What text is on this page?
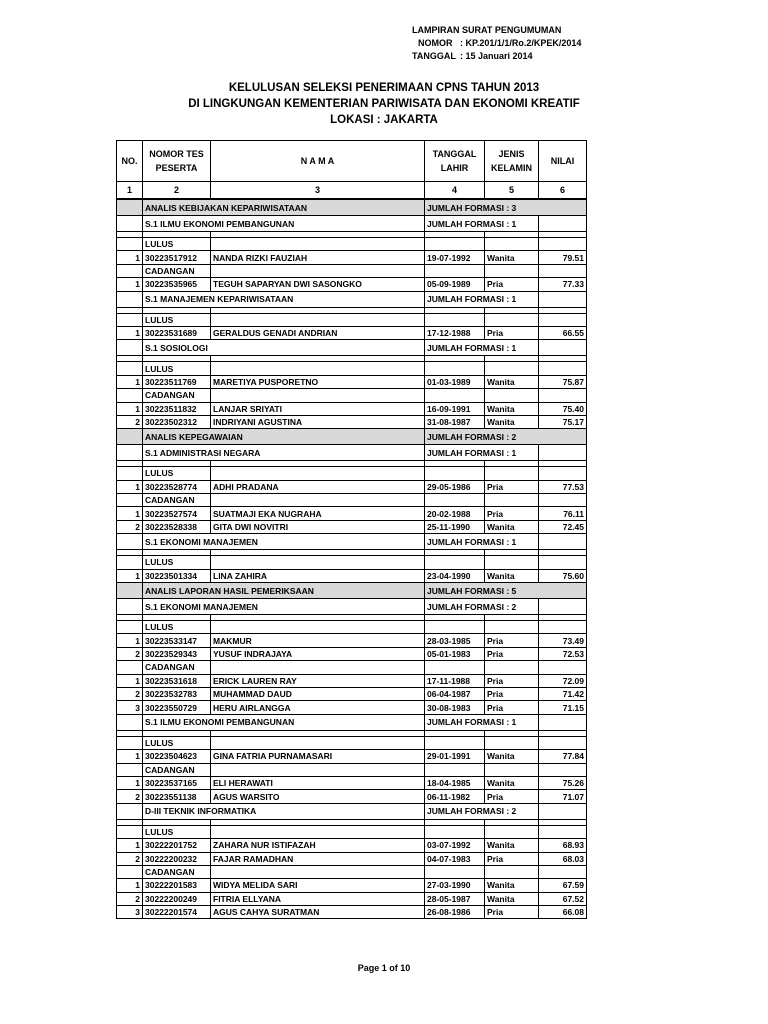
LAMPIRAN SURAT PENGUMUMAN
NOMOR : KP.201/1/1/Ro.2/KPEK/2014
TANGGAL : 15 Januari 2014
KELULUSAN SELEKSI PENERIMAAN CPNS TAHUN 2013
DI LINGKUNGAN KEMENTERIAN PARIWISATA DAN EKONOMI KREATIF
LOKASI : JAKARTA
NO.	NOMOR TES PESERTA	N A M A	TANGGAL LAHIR	JENIS KELAMIN	NILAI
1	2	3	4	5	6
	ANALIS KEBIJAKAN KEPARIWISATAAN		JUMLAH FORMASI : 3		
	S.1 ILMU EKONOMI PEMBANGUNAN		JUMLAH FORMASI : 1		

	LULUS				
1	30223517912	NANDA RIZKI FAUZIAH	19-07-1992	Wanita	79.51
	CADANGAN				
1	30223535965	TEGUH SAPARYAN DWI SASONGKO	05-09-1989	Pria	77.33
	S.1 MANAJEMEN KEPARIWISATAAN		JUMLAH FORMASI : 1		

	LULUS				
1	30223531689	GERALDUS GENADI ANDRIAN	17-12-1988	Pria	66.55
	S.1 SOSIOLOGI		JUMLAH FORMASI : 1		

	LULUS				
1	30223511769	MARETIYA PUSPORETNO	01-03-1989	Wanita	75.87
	CADANGAN				
1	30223511832	LANJAR SRIYATI	16-09-1991	Wanita	75.40
2	30223502312	INDRIYANI AGUSTINA	31-08-1987	Wanita	75.17
	ANALIS KEPEGAWAIAN		JUMLAH FORMASI : 2		
	S.1 ADMINISTRASI NEGARA		JUMLAH FORMASI : 1		

	LULUS				
1	30223528774	ADHI PRADANA	29-05-1986	Pria	77.53
	CADANGAN				
1	30223527574	SUATMAJI EKA NUGRAHA	20-02-1988	Pria	76.11
2	30223528338	GITA DWI NOVITRI	25-11-1990	Wanita	72.45
	S.1 EKONOMI MANAJEMEN		JUMLAH FORMASI : 1		

	LULUS				
1	30223501334	LINA ZAHIRA	23-04-1990	Wanita	75.60
	ANALIS LAPORAN HASIL PEMERIKSAAN		JUMLAH FORMASI : 5		
	S.1 EKONOMI MANAJEMEN		JUMLAH FORMASI : 2		

	LULUS				
1	30223533147	MAKMUR	28-03-1985	Pria	73.49
2	30223529343	YUSUF INDRAJAYA	05-01-1983	Pria	72.53
	CADANGAN				
1	30223531618	ERICK LAUREN RAY	17-11-1988	Pria	72.09
2	30223532783	MUHAMMAD DAUD	06-04-1987	Pria	71.42
3	30223550729	HERU AIRLANGGA	30-08-1983	Pria	71.15
	S.1 ILMU EKONOMI PEMBANGUNAN		JUMLAH FORMASI : 1		

	LULUS				
1	30223504623	GINA FATRIA PURNAMASARI	29-01-1991	Wanita	77.84
	CADANGAN				
1	30223537165	ELI HERAWATI	18-04-1985	Wanita	75.26
2	30223551138	AGUS WARSITO	06-11-1982	Pria	71.07
	D-III TEKNIK INFORMATIKA		JUMLAH FORMASI : 2		

	LULUS				
1	30222201752	ZAHARA NUR ISTIFAZAH	03-07-1992	Wanita	68.93
2	30222200232	FAJAR RAMADHAN	04-07-1983	Pria	68.03
	CADANGAN				
1	30222201583	WIDYA MELIDA SARI	27-03-1990	Wanita	67.59
2	30222200249	FITRIA ELLYANA	28-05-1987	Wanita	67.52
3	30222201574	AGUS CAHYA SURATMAN	26-08-1986	Pria	66.08
Page 1 of 10
